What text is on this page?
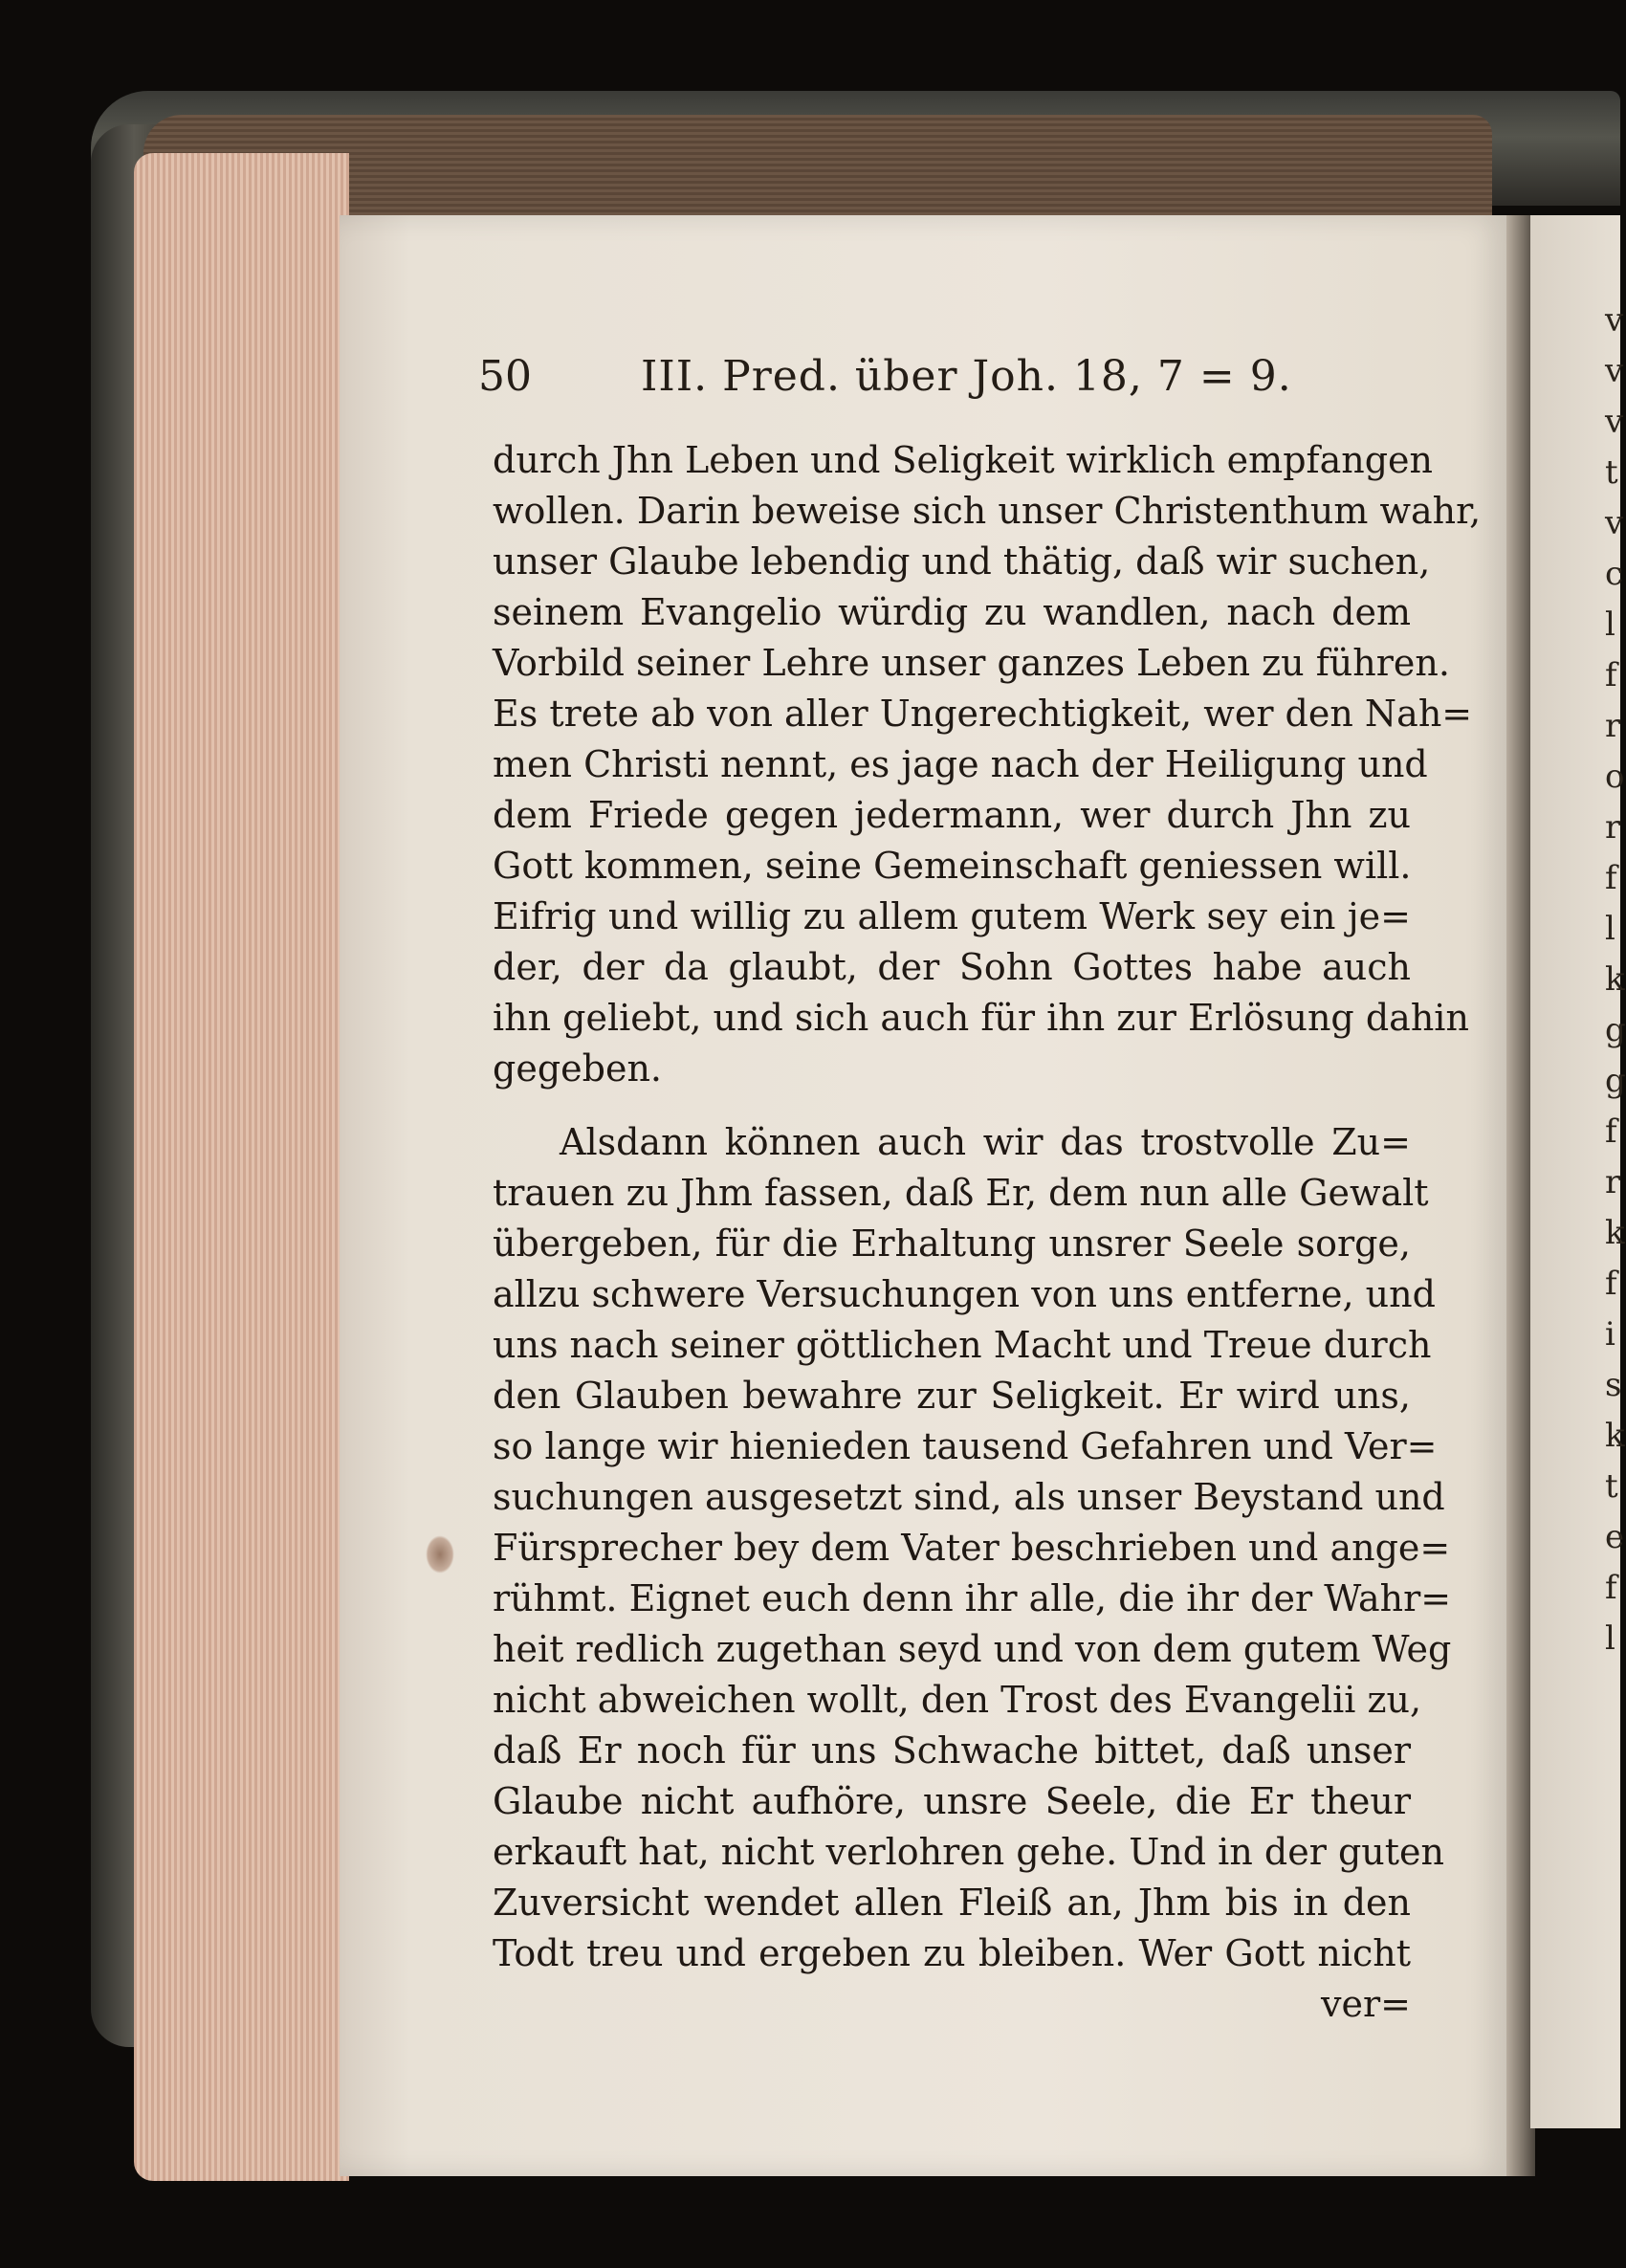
v
v
v
t
v
c
l
f
r
o
r
f
l
k
g
g
f
r
k
f
i
s
k
t
e
f
l
50	III. Pred. über Joh. 18, 7 = 9.
durch Jhn Leben und Seligkeit wirklich empfangen
wollen. Darin beweise sich unser Christenthum wahr,
unser Glaube lebendig und thätig, daß wir suchen,
seinem Evangelio würdig zu wandlen, nach dem
Vorbild seiner Lehre unser ganzes Leben zu führen.
Es trete ab von aller Ungerechtigkeit, wer den Nah=
men Christi nennt, es jage nach der Heiligung und
dem Friede gegen jedermann, wer durch Jhn zu
Gott kommen, seine Gemeinschaft geniessen will.
Eifrig und willig zu allem gutem Werk sey ein je=
der, der da glaubt, der Sohn Gottes habe auch
ihn geliebt, und sich auch für ihn zur Erlösung dahin
gegeben.
Alsdann können auch wir das trostvolle Zu=
trauen zu Jhm fassen, daß Er, dem nun alle Gewalt
übergeben, für die Erhaltung unsrer Seele sorge,
allzu schwere Versuchungen von uns entferne, und
uns nach seiner göttlichen Macht und Treue durch
den Glauben bewahre zur Seligkeit. Er wird uns,
so lange wir hienieden tausend Gefahren und Ver=
suchungen ausgesetzt sind, als unser Beystand und
Fürsprecher bey dem Vater beschrieben und ange=
rühmt. Eignet euch denn ihr alle, die ihr der Wahr=
heit redlich zugethan seyd und von dem gutem Weg
nicht abweichen wollt, den Trost des Evangelii zu,
daß Er noch für uns Schwache bittet, daß unser
Glaube nicht aufhöre, unsre Seele, die Er theur
erkauft hat, nicht verlohren gehe. Und in der guten
Zuversicht wendet allen Fleiß an, Jhm bis in den
Todt treu und ergeben zu bleiben. Wer Gott nicht
ver=
